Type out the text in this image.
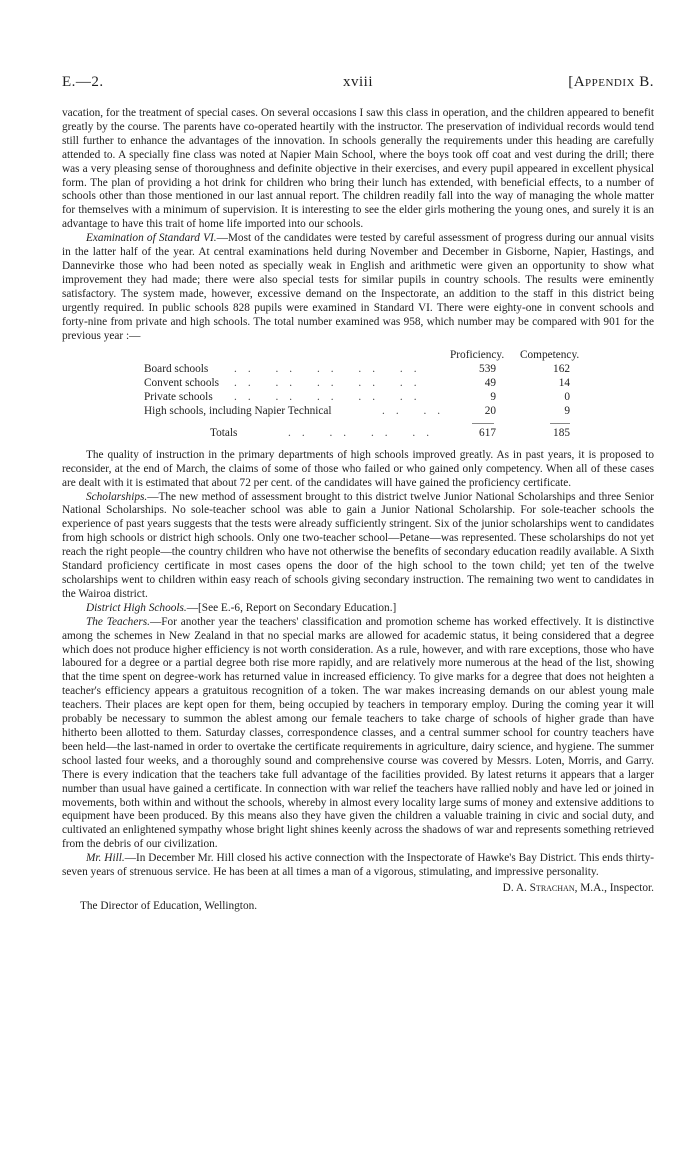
E.—2.	xviii	[Appendix B.

vacation, for the treatment of special cases. On several occasions I saw this class in operation, and the children appeared to benefit greatly by the course. The parents have co-operated heartily with the instructor. The preservation of individual records would tend still further to enhance the advantages of the innovation. In schools generally the requirements under this heading are carefully attended to. A specially fine class was noted at Napier Main School, where the boys took off coat and vest during the drill; there was a very pleasing sense of thoroughness and definite objective in their exercises, and every pupil appeared in excellent physical form. The plan of providing a hot drink for children who bring their lunch has extended, with beneficial effects, to a number of schools other than those mentioned in our last annual report. The children readily fall into the way of managing the whole matter for themselves with a minimum of supervision. It is interesting to see the elder girls mothering the young ones, and surely it is an advantage to have this trait of home life imported into our schools.

Examination of Standard VI.—Most of the candidates were tested by careful assessment of progress during our annual visits in the latter half of the year. At central examinations held during November and December in Gisborne, Napier, Hastings, and Dannevirke those who had been noted as specially weak in English and arithmetic were given an opportunity to show what improvement they had made; there were also special tests for similar pupils in country schools. The results were eminently satisfactory. The system made, however, excessive demand on the Inspectorate, an addition to the staff in this district being urgently required. In public schools 828 pupils were examined in Standard VI. There were eighty-one in convent schools and forty-nine from private and high schools. The total number examined was 958, which number may be compared with 901 for the previous year :—

Proficiency. Competency.
Board schools .. .. .. .. ..	539	162
Convent schools .. .. .. .. ..	49	14
Private schools .. .. .. .. ..	9	0
High schools, including Napier Technical	.. ..	20	9
Totals	.. .. .. ..	617	185

The quality of instruction in the primary departments of high schools improved greatly. As in past years, it is proposed to reconsider, at the end of March, the claims of some of those who failed or who gained only competency. When all of these cases are dealt with it is estimated that about 72 per cent. of the candidates will have gained the proficiency certificate.

Scholarships.—The new method of assessment brought to this district twelve Junior National Scholarships and three Senior National Scholarships. No sole-teacher school was able to gain a Junior National Scholarship. For sole-teacher schools the experience of past years suggests that the tests were already sufficiently stringent. Six of the junior scholarships went to candidates from high schools or district high schools. Only one two-teacher school—Petane—was represented. These scholarships do not yet reach the right people—the country children who have not otherwise the benefits of secondary education readily available. A Sixth Standard proficiency certificate in most cases opens the door of the high school to the town child; yet ten of the twelve scholarships went to children within easy reach of schools giving secondary instruction. The remaining two went to candidates in the Wairoa district.

District High Schools.—[See E.-6, Report on Secondary Education.]

The Teachers.—For another year the teachers' classification and promotion scheme has worked effectively. It is distinctive among the schemes in New Zealand in that no special marks are allowed for academic status, it being considered that a degree which does not produce higher efficiency is not worth consideration. As a rule, however, and with rare exceptions, those who have laboured for a degree or a partial degree both rise more rapidly, and are relatively more numerous at the head of the list, showing that the time spent on degree-work has returned value in increased efficiency. To give marks for a degree that does not heighten a teacher's efficiency appears a gratuitous recognition of a token. The war makes increasing demands on our ablest young male teachers. Their places are kept open for them, being occupied by teachers in temporary employ. During the coming year it will probably be necessary to summon the ablest among our female teachers to take charge of schools of higher grade than have hitherto been allotted to them. Saturday classes, correspondence classes, and a central summer school for country teachers have been held—the last-named in order to overtake the certificate requirements in agriculture, dairy science, and hygiene. The summer school lasted four weeks, and a thoroughly sound and comprehensive course was covered by Messrs. Loten, Morris, and Garry. There is every indication that the teachers take full advantage of the facilities provided. By latest returns it appears that a larger number than usual have gained a certificate. In connection with war relief the teachers have rallied nobly and have led or joined in movements, both within and without the schools, whereby in almost every locality large sums of money and extensive additions to equipment have been produced. By this means also they have given the children a valuable training in civic and social duty, and cultivated an enlightened sympathy whose bright light shines keenly across the shadows of war and represents something retrieved from the debris of our civilization.

Mr. Hill.—In December Mr. Hill closed his active connection with the Inspectorate of Hawke's Bay District. This ends thirty-seven years of strenuous service. He has been at all times a man of a vigorous, stimulating, and impressive personality.

D. A. Strachan, M.A., Inspector.

The Director of Education, Wellington.
